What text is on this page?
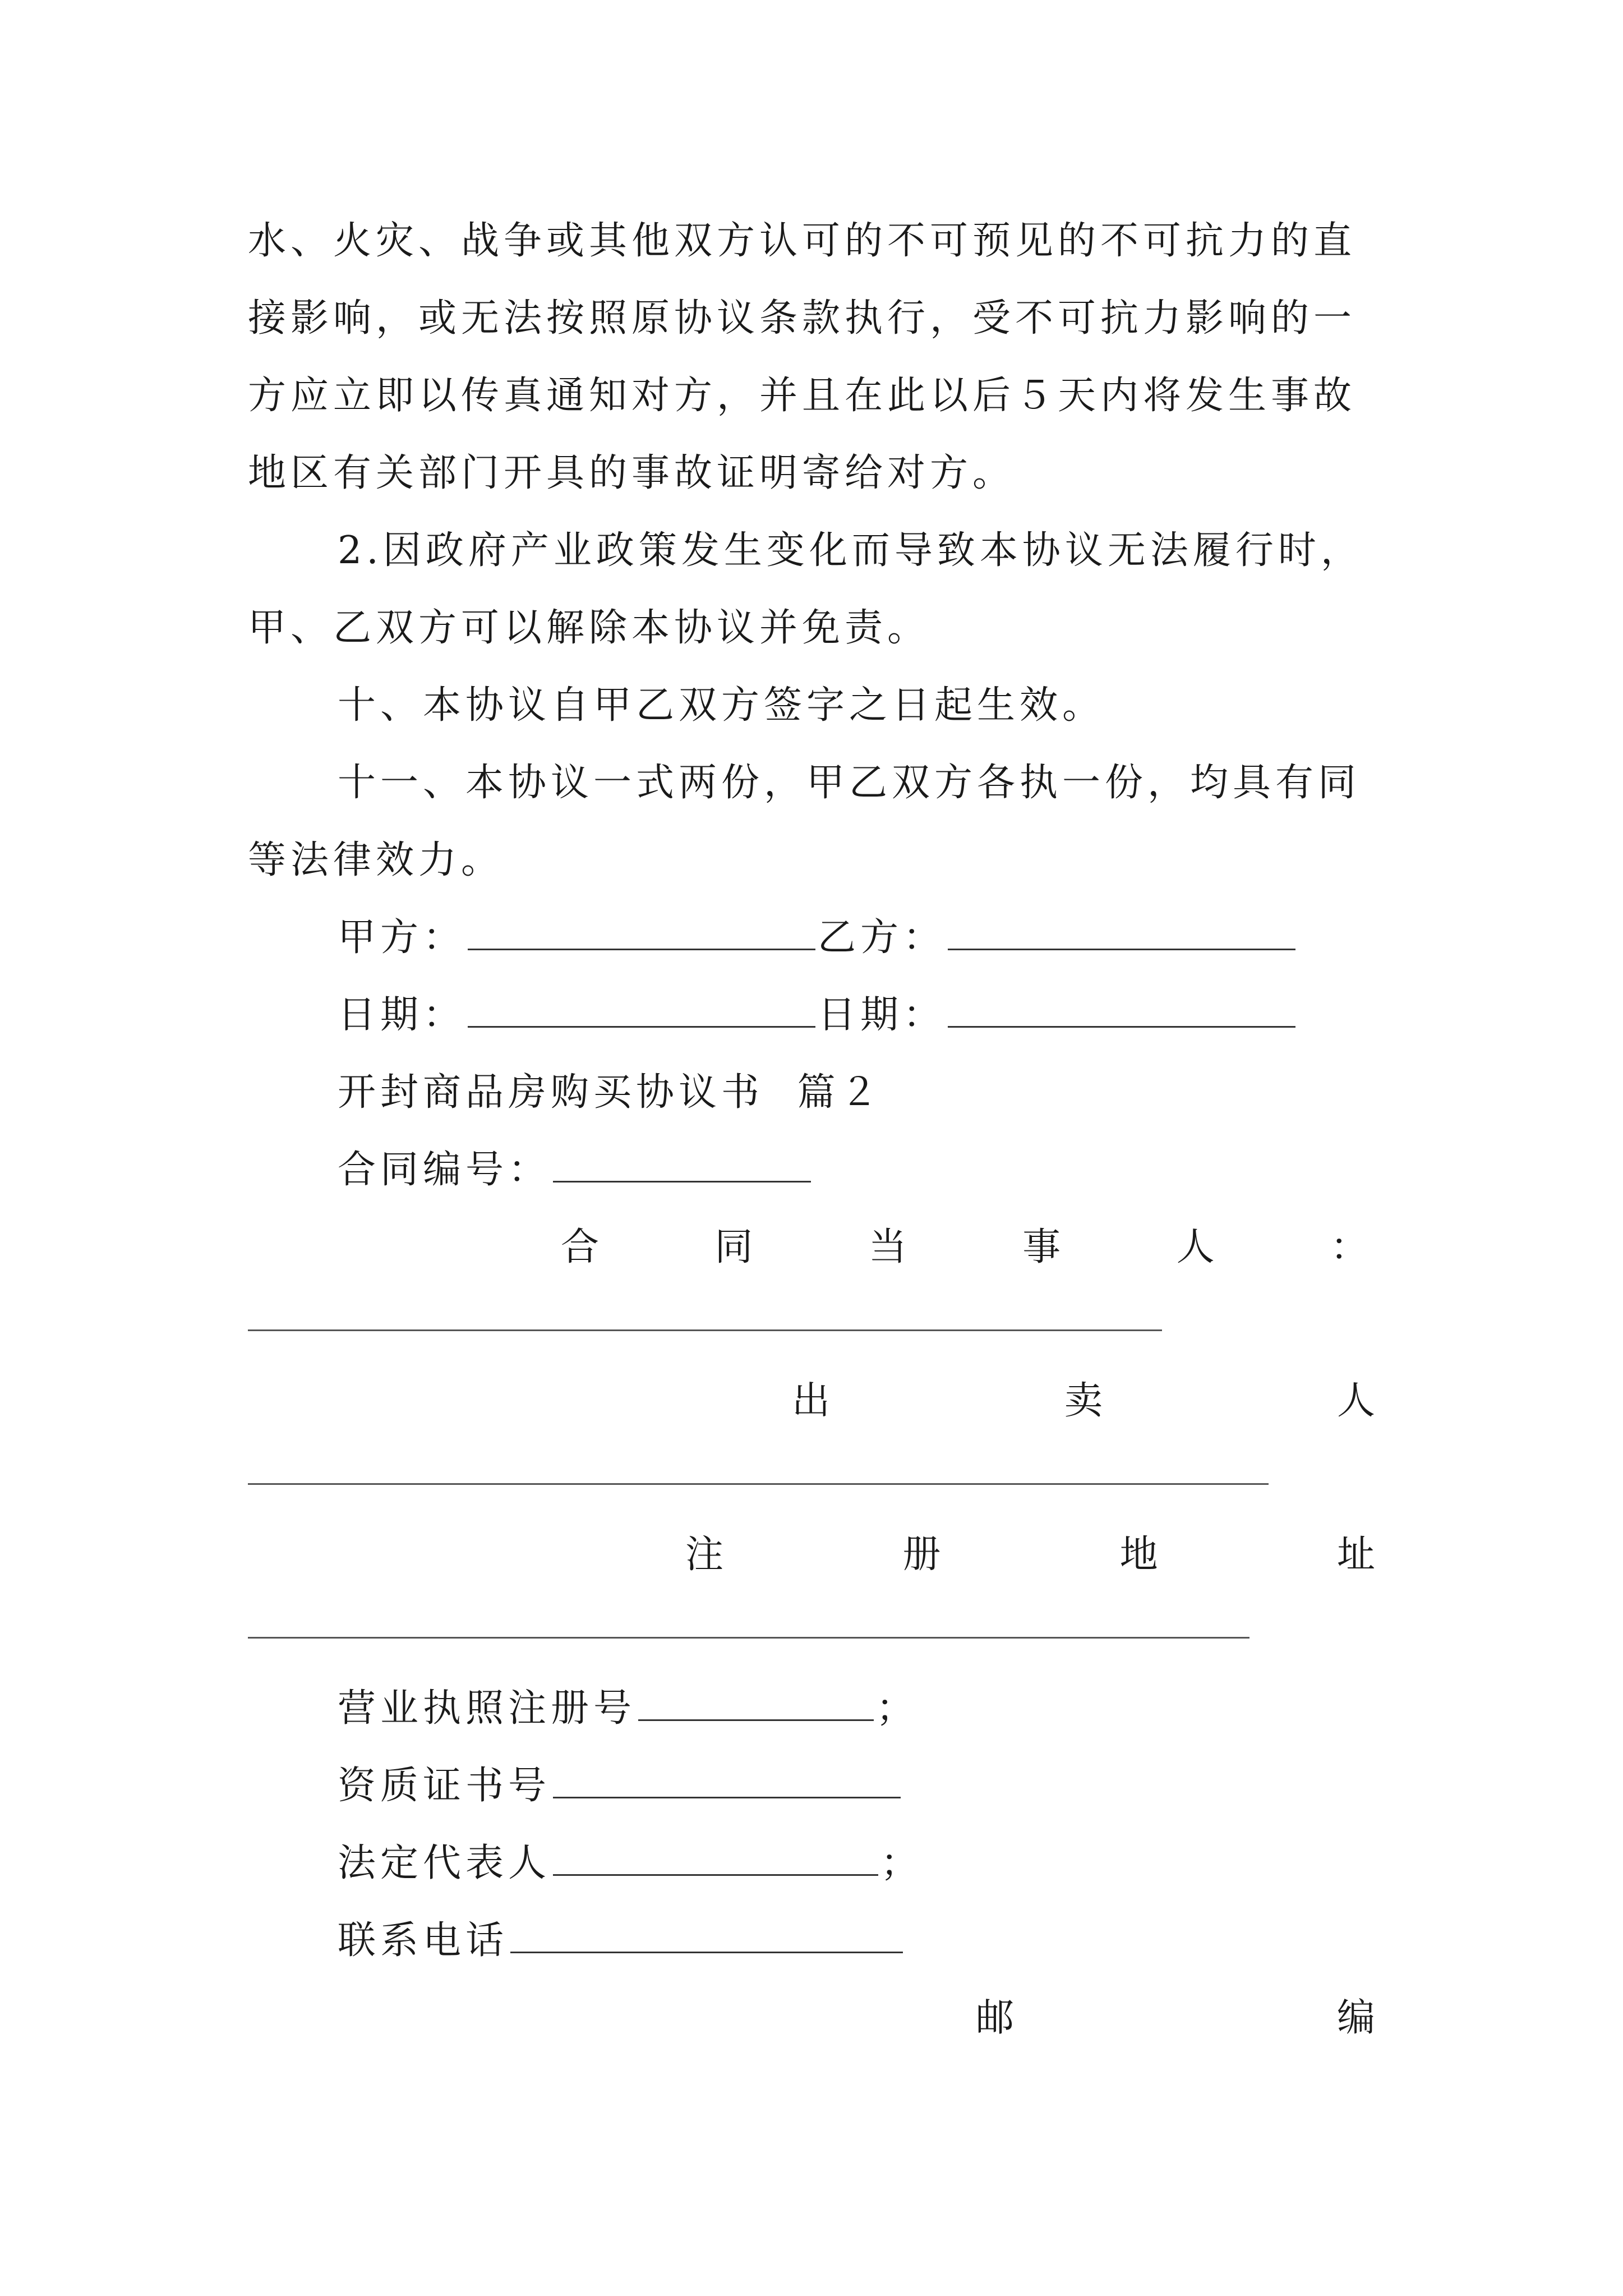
水、火灾、战争或其他双方认可的不可预见的不可抗力的直
接影响，或无法按照原协议条款执行，受不可抗力影响的一
方应立即以传真通知对方，并且在此以后５天内将发生事故
地区有关部门开具的事故证明寄给对方。
2.因政府产业政策发生变化而导致本协议无法履行时，
甲、乙双方可以解除本协议并免责。
十、本协议自甲乙双方签字之日起生效。
十一、本协议一式两份，甲乙双方各执一份，均具有同
等法律效力。
甲方：	乙方：
日期：	日期：
开封商品房购买协议书 篇２
合同编号：
合	同	当	事	人	：
出	卖	人
注	册	地	址
营业执照注册号	；
资质证书号
法定代表人	；
联系电话
邮	编
